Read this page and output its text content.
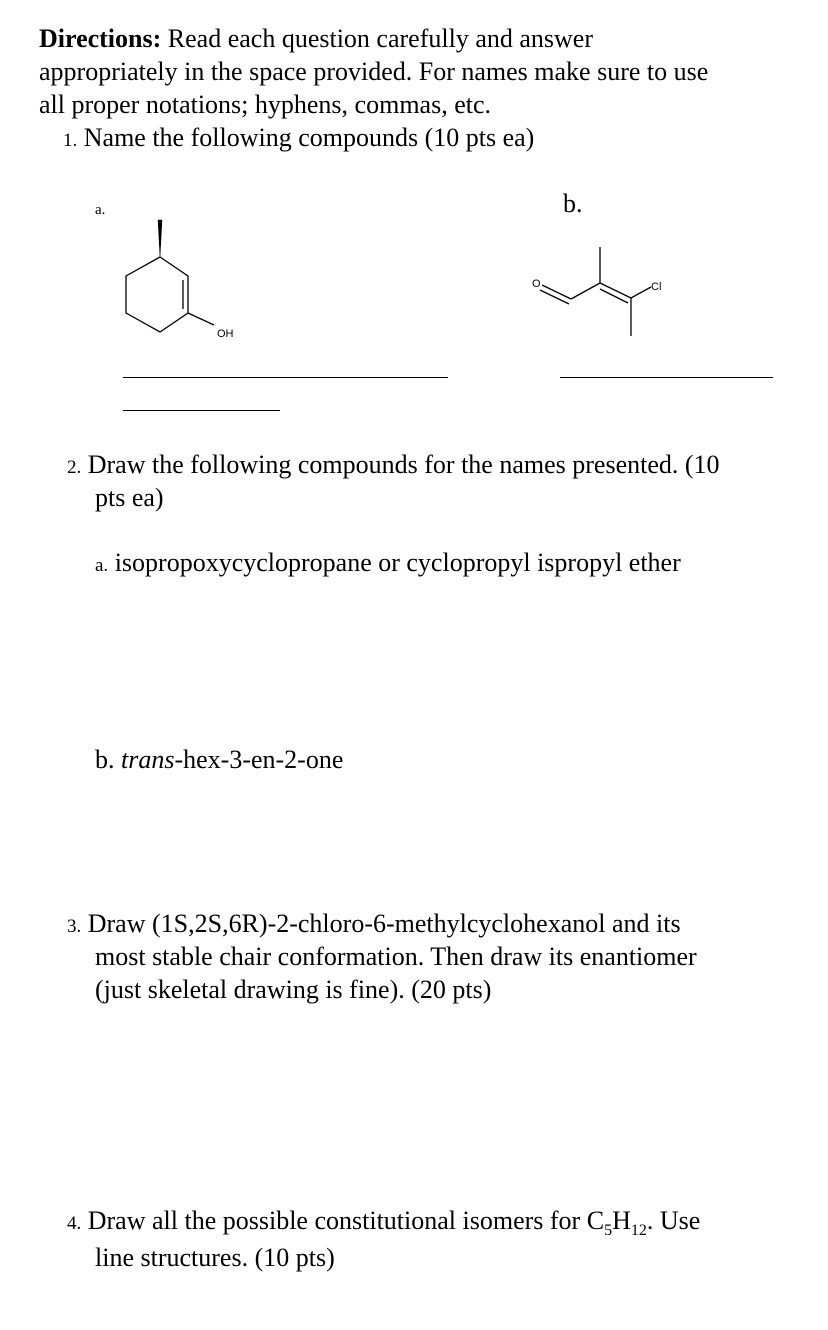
Directions: Read each question carefully and answer
appropriately in the space provided. For names make sure to use
all proper notations; hyphens, commas, etc.
1. Name the following compounds (10 pts ea)
a.	b.
OH
O	Cl
2. Draw the following compounds for the names presented. (10
pts ea)
a. isopropoxycyclopropane or cyclopropyl ispropyl ether
b. trans-hex-3-en-2-one
3. Draw (1S,2S,6R)-2-chloro-6-methylcyclohexanol and its
most stable chair conformation. Then draw its enantiomer
(just skeletal drawing is fine). (20 pts)
4. Draw all the possible constitutional isomers for $C_5H_{12}$. Use
line structures. (10 pts)
